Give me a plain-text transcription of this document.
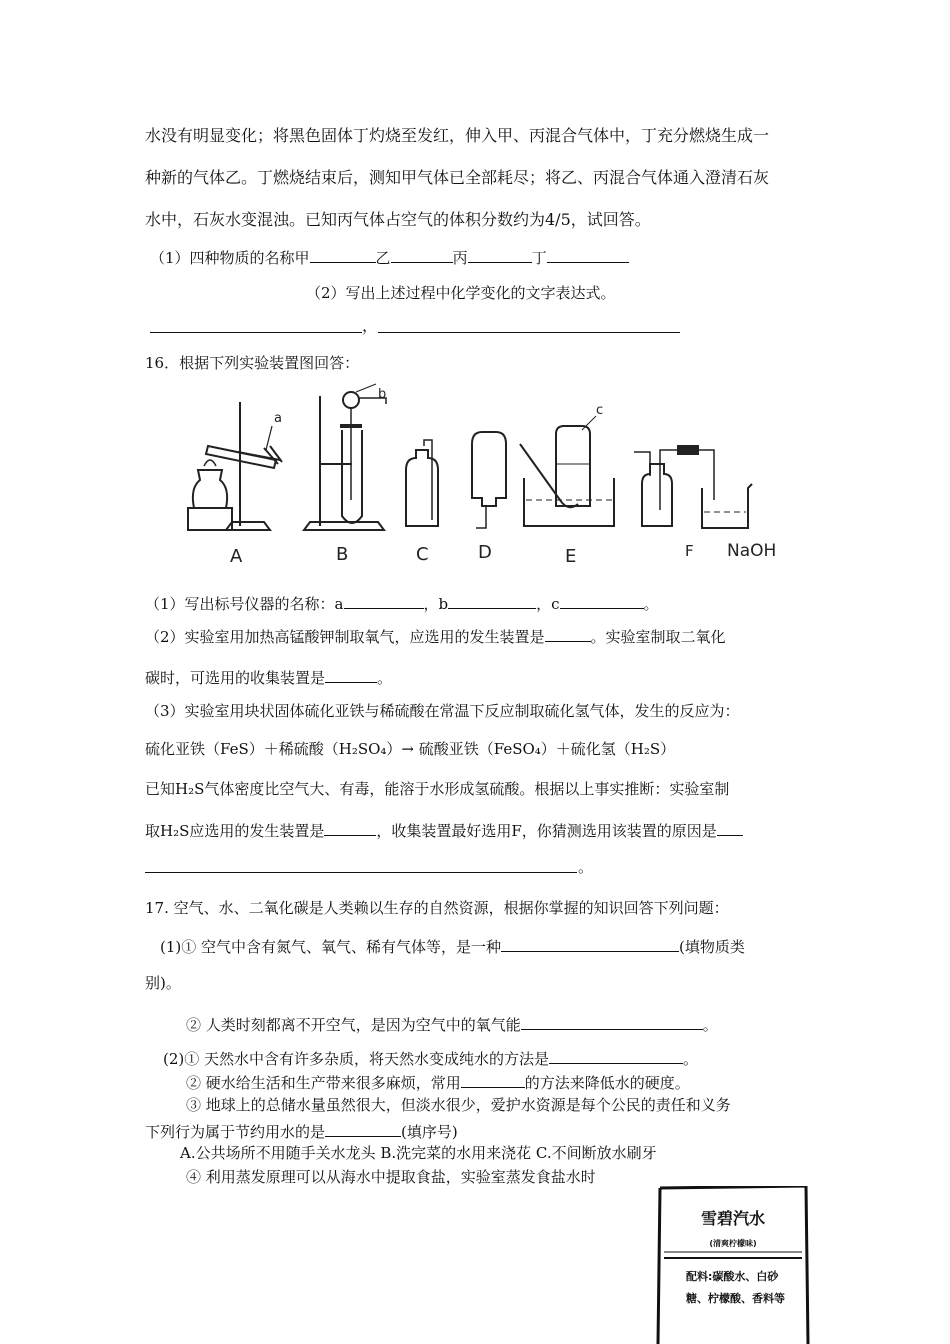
水没有明显变化；将黑色固体丁灼烧至发红，伸入甲、丙混合气体中，丁充分燃烧生成一
种新的气体乙。丁燃烧结束后，测知甲气体已全部耗尽；将乙、丙混合气体通入澄清石灰
水中，石灰水变混浊。已知丙气体占空气的体积分数约为4/5，试回答。
（1）四种物质的名称甲	乙	丙	丁
（2）写出上述过程中化学变化的文字表达式。
，
16．根据下列实验装置图回答：
A	B	C	D	E	F NaOH
a
b
c
（1）写出标号仪器的名称：a	，b	，c	。
（2）实验室用加热高锰酸钾制取氧气，应选用的发生装置是	。实验室制取二氧化
碳时，可选用的收集装置是	。
（3）实验室用块状固体硫化亚铁与稀硫酸在常温下反应制取硫化氢气体，发生的反应为：
硫化亚铁（FeS）＋稀硫酸（H₂SO₄）→ 硫酸亚铁（FeSO₄）＋硫化氢（H₂S）
已知H₂S气体密度比空气大、有毒，能溶于水形成氢硫酸。根据以上事实推断：实验室制
取H₂S应选用的发生装置是	，收集装置最好选用F，你猜测选用该装置的原因是
。
17. 空气、水、二氧化碳是人类赖以生存的自然资源，根据你掌握的知识回答下列问题：
(1)① 空气中含有氮气、氧气、稀有气体等，是一种	(填物质类
别)。
② 人类时刻都离不开空气，是因为空气中的氧气能	。
(2)① 天然水中含有许多杂质，将天然水变成纯水的方法是	。
② 硬水给生活和生产带来很多麻烦，常用	的方法来降低水的硬度。
③ 地球上的总储水量虽然很大，但淡水很少，爱护水资源是每个公民的责任和义务
下列行为属于节约用水的是	(填序号)
A.公共场所不用随手关水龙头 B.洗完菜的水用来浇花 C.不间断放水刷牙
④ 利用蒸发原理可以从海水中提取食盐，实验室蒸发食盐水时
雪碧汽水
(清爽柠檬味)
配料:碳酸水、白砂
糖、柠檬酸、香料等
